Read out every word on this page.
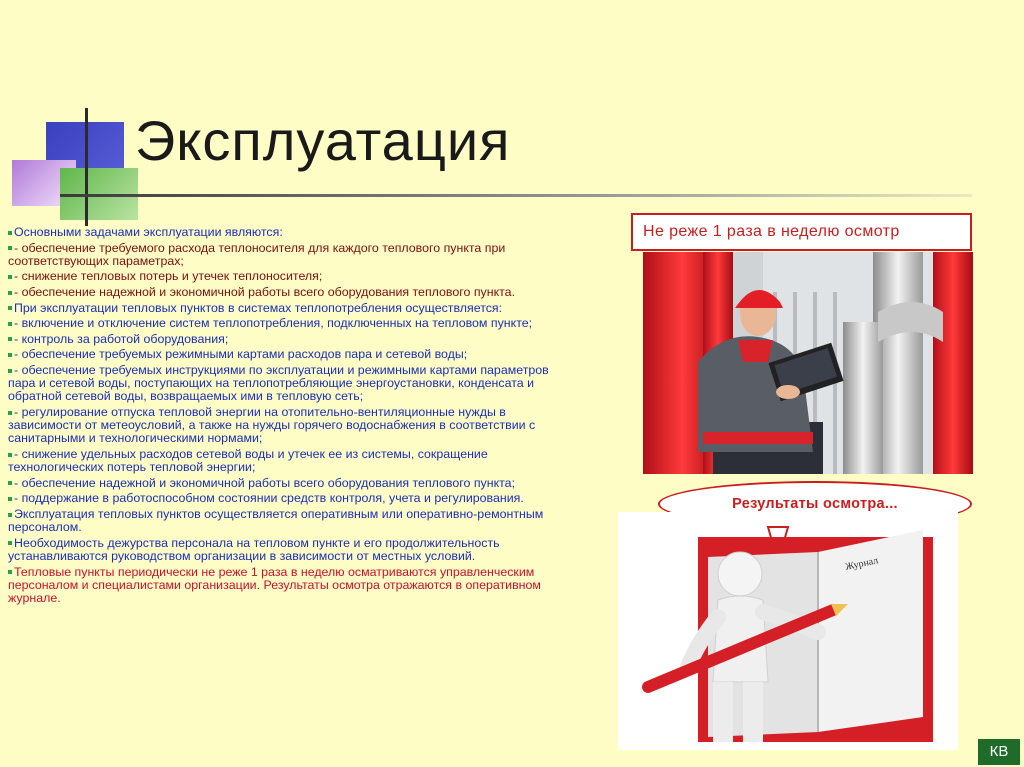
Эксплуатация
Основными задачами эксплуатации являются:
- обеспечение требуемого расхода теплоносителя для каждого теплового пункта при соответствующих параметрах;
- снижение тепловых потерь и утечек теплоносителя;
- обеспечение надежной и экономичной работы всего оборудования теплового пункта.
При эксплуатации тепловых пунктов в системах теплопотребления осуществляется:
- включение и отключение систем теплопотребления, подключенных на тепловом пункте;
- контроль за работой оборудования;
- обеспечение требуемых режимными картами расходов пара и сетевой воды;
- обеспечение требуемых инструкциями по эксплуатации и режимными картами параметров пара и сетевой воды, поступающих на теплопотребляющие энергоустановки, конденсата и обратной сетевой воды, возвращаемых ими в тепловую сеть;
- регулирование отпуска тепловой энергии на отопительно-вентиляционные нужды в зависимости от метеоусловий, а также на нужды горячего водоснабжения в соответствии с санитарными и технологическими нормами;
- снижение удельных расходов сетевой воды и утечек ее из системы, сокращение технологических потерь тепловой энергии;
- обеспечение надежной и экономичной работы всего оборудования теплового пункта;
- поддержание в работоспособном состоянии средств контроля, учета и регулирования.
Эксплуатация тепловых пунктов осуществляется оперативным или оперативно-ремонтным персоналом.
Необходимость дежурства персонала на тепловом пункте и его продолжительность устанавливаются руководством организации в зависимости от местных условий.
Тепловые пункты периодически не реже 1 раза в неделю осматриваются управленческим персоналом и специалистами организации. Результаты осмотра отражаются в оперативном журнале.
Не реже 1 раза в неделю осмотр
Результаты осмотра...
Журнал
КВ
